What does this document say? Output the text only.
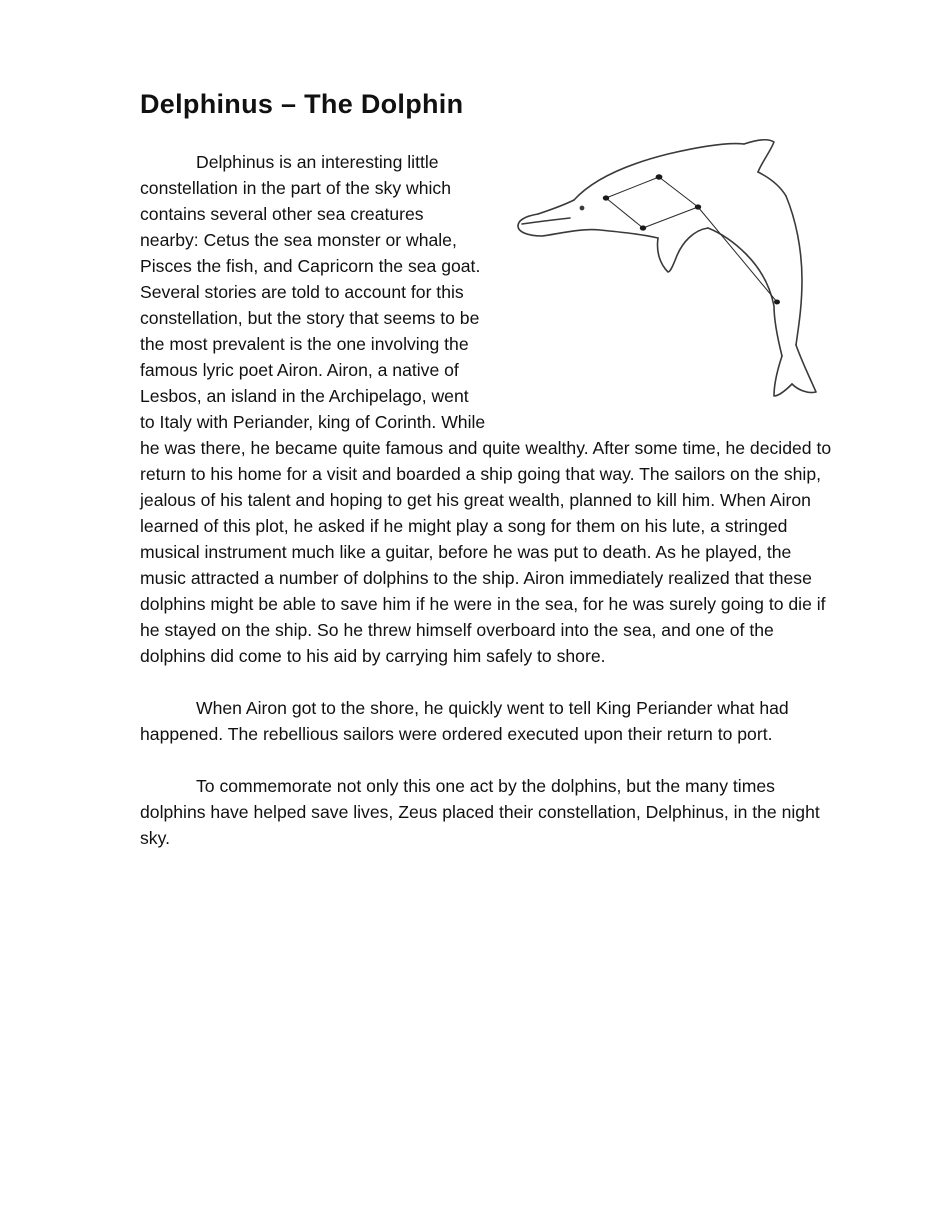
Delphinus – The Dolphin

Delphinus is an interesting little constellation in the part of the sky which contains several other sea creatures nearby: Cetus the sea monster or whale, Pisces the fish, and Capricorn the sea goat. Several stories are told to account for this constellation, but the story that seems to be the most prevalent is the one involving the famous lyric poet Airon. Airon, a native of Lesbos, an island in the Archipelago, went to Italy with Periander, king of Corinth. While he was there, he became quite famous and quite wealthy. After some time, he decided to return to his home for a visit and boarded a ship going that way. The sailors on the ship, jealous of his talent and hoping to get his great wealth, planned to kill him. When Airon learned of this plot, he asked if he might play a song for them on his lute, a stringed musical instrument much like a guitar, before he was put to death. As he played, the music attracted a number of dolphins to the ship. Airon immediately realized that these dolphins might be able to save him if he were in the sea, for he was surely going to die if he stayed on the ship. So he threw himself overboard into the sea, and one of the dolphins did come to his aid by carrying him safely to shore.

When Airon got to the shore, he quickly went to tell King Periander what had happened. The rebellious sailors were ordered executed upon their return to port.

To commemorate not only this one act by the dolphins, but the many times dolphins have helped save lives, Zeus placed their constellation, Delphinus, in the night sky.
